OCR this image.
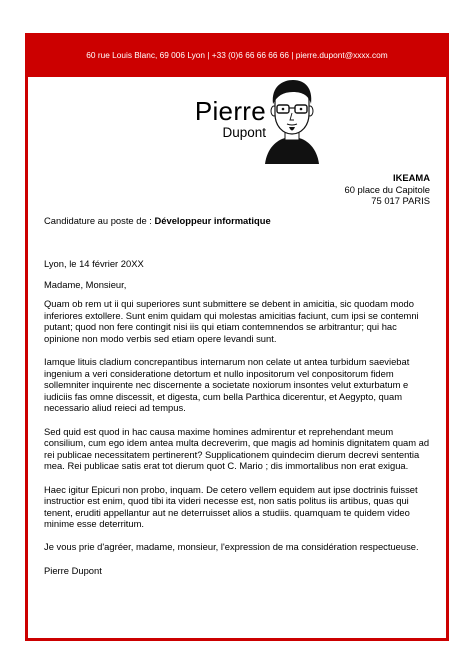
60 rue Louis Blanc, 69 006 Lyon | +33 (0)6 66 66 66 66 | pierre.dupont@xxxx.com
Pierre
Dupont
IKEAMA
60 place du Capitole
75 017 PARIS
Candidature au poste de : Développeur informatique
Lyon, le 14 février 20XX
Madame, Monsieur,

Quam ob rem ut ii qui superiores sunt submittere se debent in amicitia, sic quodam modo inferiores extollere. Sunt enim quidam qui molestas amicitias faciunt, cum ipsi se contemni putant; quod non fere contingit nisi iis qui etiam contemnendos se arbitrantur; qui hac opinione non modo verbis sed etiam opere levandi sunt.

Iamque lituis cladium concrepantibus internarum non celate ut antea turbidum saeviebat ingenium a veri consideratione detortum et nullo inpositorum vel conpositorum fidem sollemniter inquirente nec discernente a societate noxiorum insontes velut exturbatum e iudiciis fas omne discessit, et digesta, cum bella Parthica dicerentur, et Aegypto, quam necessario aliud reieci ad tempus.

Sed quid est quod in hac causa maxime homines admirentur et reprehendant meum consilium, cum ego idem antea multa decreverim, que magis ad hominis dignitatem quam ad rei publicae necessitatem pertinerent? Supplicationem quindecim dierum decrevi sententia mea. Rei publicae satis erat tot dierum quot C. Mario ; dis immortalibus non erat exigua.

Haec igitur Epicuri non probo, inquam. De cetero vellem equidem aut ipse doctrinis fuisset instructior est enim, quod tibi ita videri necesse est, non satis politus iis artibus, quas qui tenent, eruditi appellantur aut ne deterruisset alios a studiis. quamquam te quidem video minime esse deterritum.

Je vous prie d'agréer, madame, monsieur, l'expression de ma considération respectueuse.

Pierre Dupont
